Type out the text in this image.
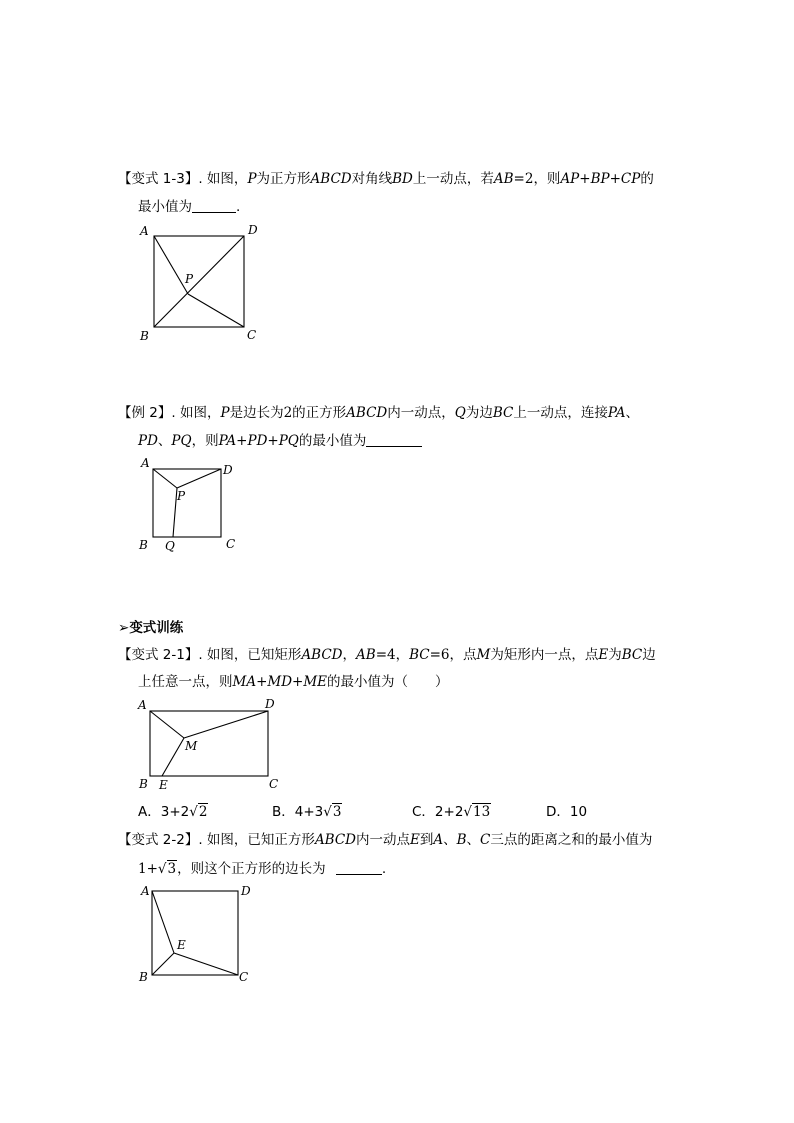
【变式 1-3】. 如图，P为正方形ABCD对角线BD上一动点，若AB=2，则AP+BP+CP的
最小值为	.
A	D
P
B	C
【例 2】. 如图，P是边长为2的正方形ABCD内一动点，Q为边BC上一动点，连接PA、
PD、PQ，则PA+PD+PQ的最小值为
A	D
P
B Q	C
➢变式训练
【变式 2-1】. 如图，已知矩形ABCD，AB=4，BC=6，点M为矩形内一点，点E为BC边
上任意一点，则MA+MD+ME的最小值为（　　）
A	D
M
B E	C
A．3+2√2	B．4+3√3	C．2+2√13	D．10
【变式 2-2】. 如图，已知正方形ABCD内一动点E到A、B、C三点的距离之和的最小值为
1+√3，则这个正方形的边长为	.
A	D
E
B	C
